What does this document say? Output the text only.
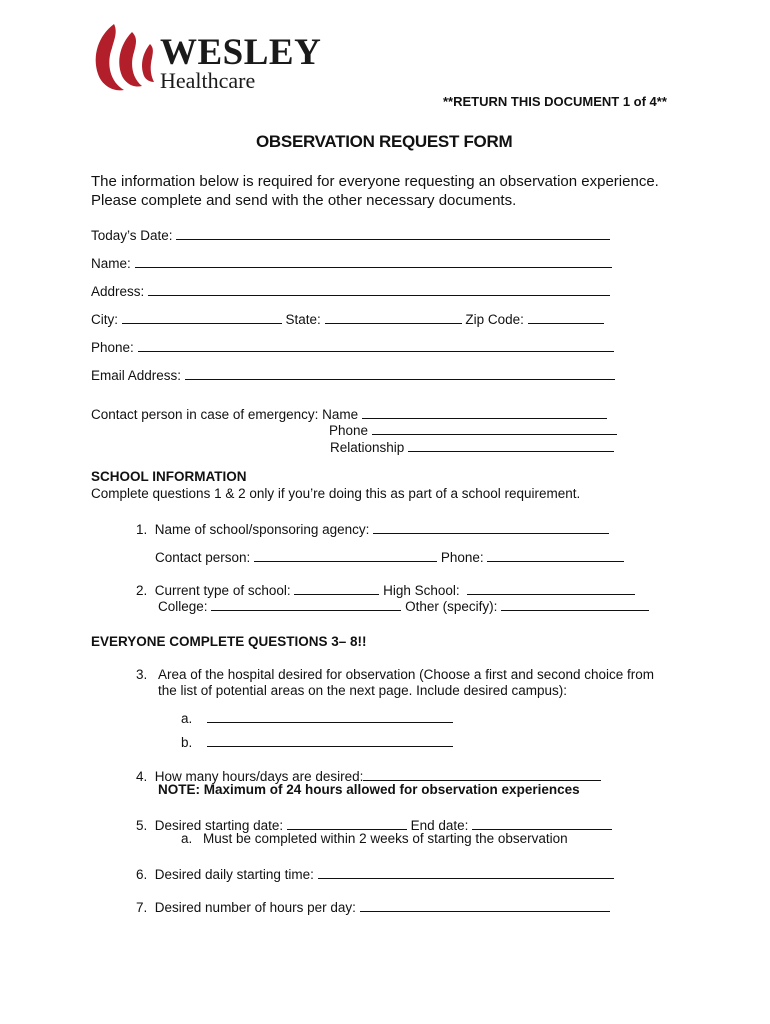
WESLEY
Healthcare
**RETURN THIS DOCUMENT 1 of 4**
OBSERVATION REQUEST FORM
The information below is required for everyone requesting an observation experience.
Please complete and send with the other necessary documents.
Today’s Date:
Name:
Address:
City:	State:	Zip Code:
Phone:
Email Address:
Contact person in case of emergency: Name
Phone
Relationship
SCHOOL INFORMATION
Complete questions 1 & 2 only if you’re doing this as part of a school requirement.
1. Name of school/sponsoring agency:
Contact person:	Phone:
2. Current type of school:	High School:
College:	Other (specify):
EVERYONE COMPLETE QUESTIONS 3– 8!!
3. Area of the hospital desired for observation (Choose a first and second choice from
the list of potential areas on the next page. Include desired campus):
a.
b.
4. How many hours/days are desired:
NOTE: Maximum of 24 hours allowed for observation experiences
5. Desired starting date:	End date:
a. Must be completed within 2 weeks of starting the observation
6. Desired daily starting time:
7. Desired number of hours per day:
